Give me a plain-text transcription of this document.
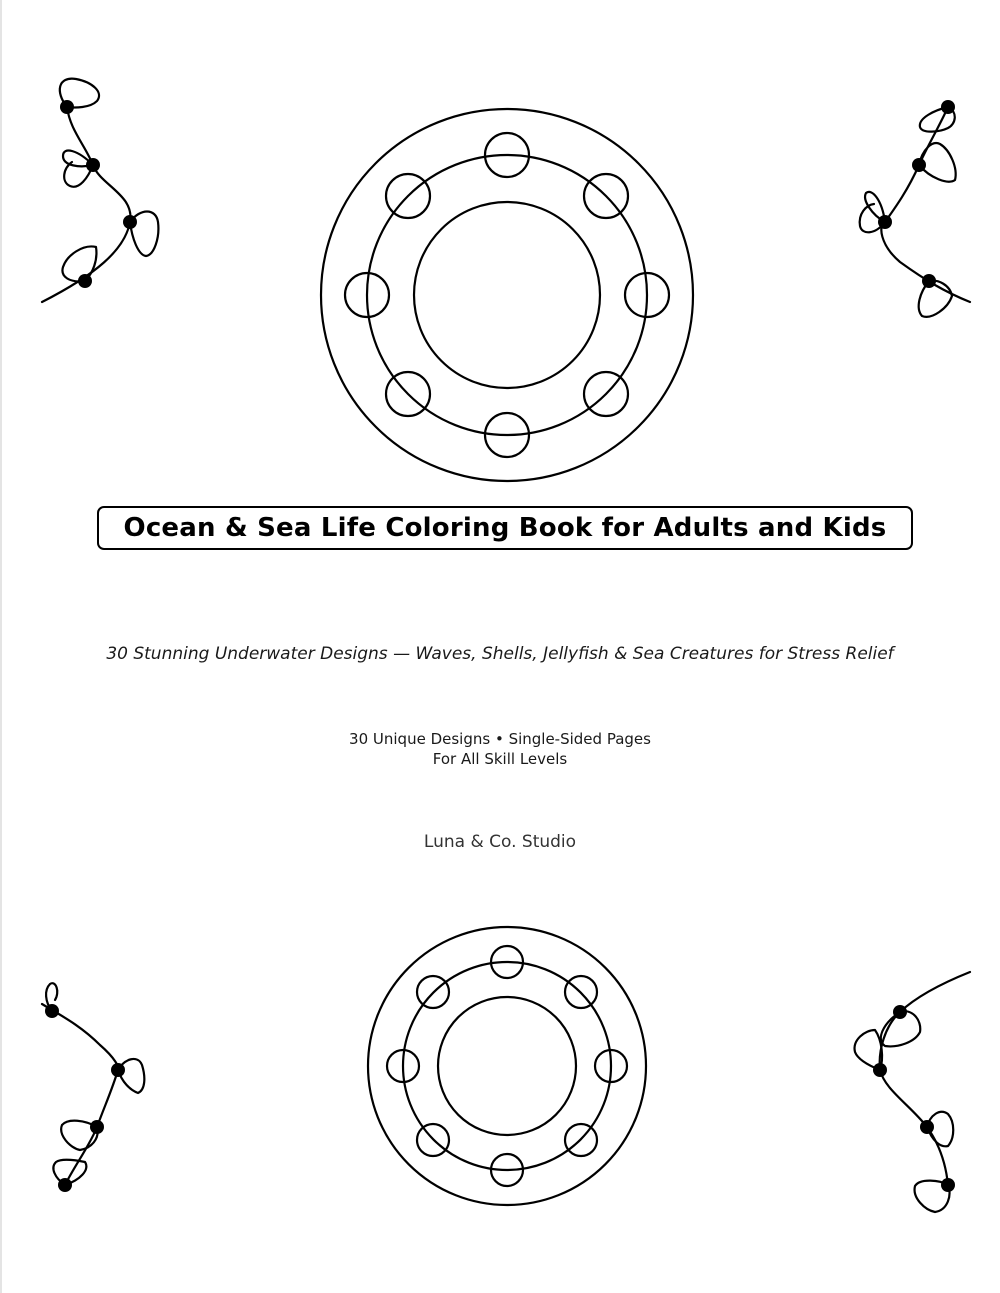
Ocean & Sea Life Coloring Book for Adults and Kids
30 Stunning Underwater Designs — Waves, Shells, Jellyfish & Sea Creatures for Stress Relief
30 Unique Designs • Single-Sided Pages
For All Skill Levels
Luna & Co. Studio
